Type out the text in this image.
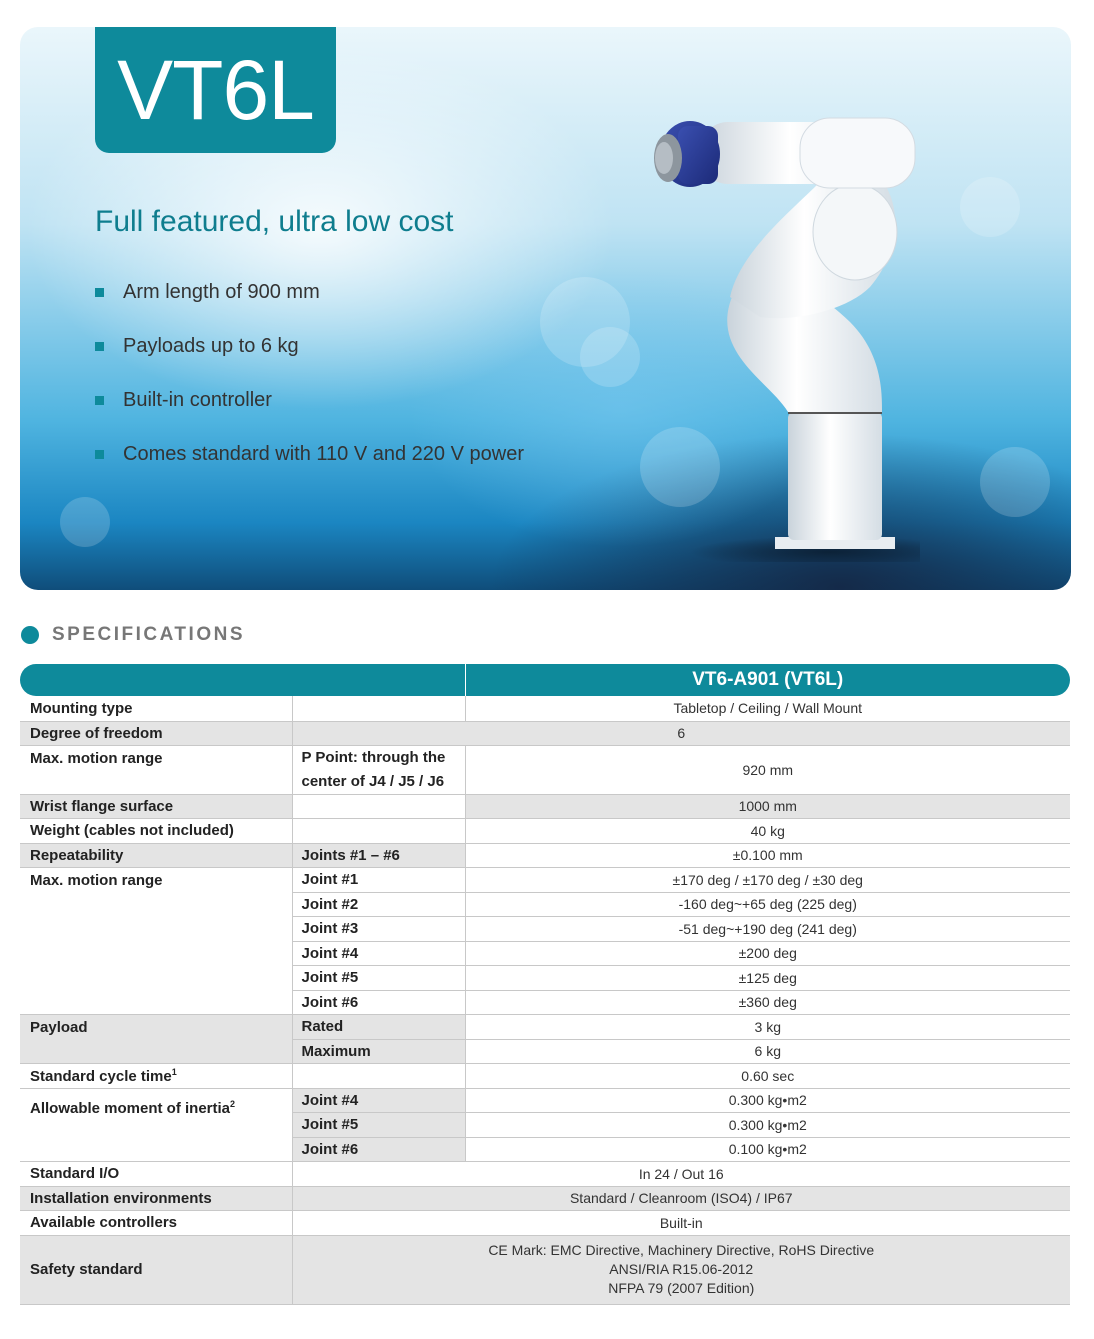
VT6L
Full featured, ultra low cost
Arm length of 900 mm
Payloads up to 6 kg
Built-in controller
Comes standard with 110 V and 220 V power
SPECIFICATIONS
		VT6-A901 (VT6L)
Mounting type		Tabletop / Ceiling / Wall Mount
Degree of freedom	6	
Max. motion range	P Point: through the center of J4 / J5 / J6	920 mm
Wrist flange surface		1000 mm
Weight (cables not included)		40 kg
Repeatability	Joints #1 – #6	±0.100 mm
Max. motion range	Joint #1	±170 deg / ±170 deg / ±30 deg
	Joint #2	-160 deg~+65 deg (225 deg)
	Joint #3	-51 deg~+190 deg (241 deg)
	Joint #4	±200 deg
	Joint #5	±125 deg
	Joint #6	±360 deg
Payload	Rated	3 kg
	Maximum	6 kg
Standard cycle time$^1$		0.60 sec
Allowable moment of inertia$^2$	Joint #4	0.300 kg•m2
	Joint #5	0.300 kg•m2
	Joint #6	0.100 kg•m2
Standard I/O	In 24 / Out 16	
Installation environments	Standard / Cleanroom (ISO4) / IP67	
Available controllers	Built-in	
Safety standard	CE Mark: EMC Directive, Machinery Directive, RoHS Directive
ANSI/RIA R15.06-2012
NFPA 79 (2007 Edition)	
